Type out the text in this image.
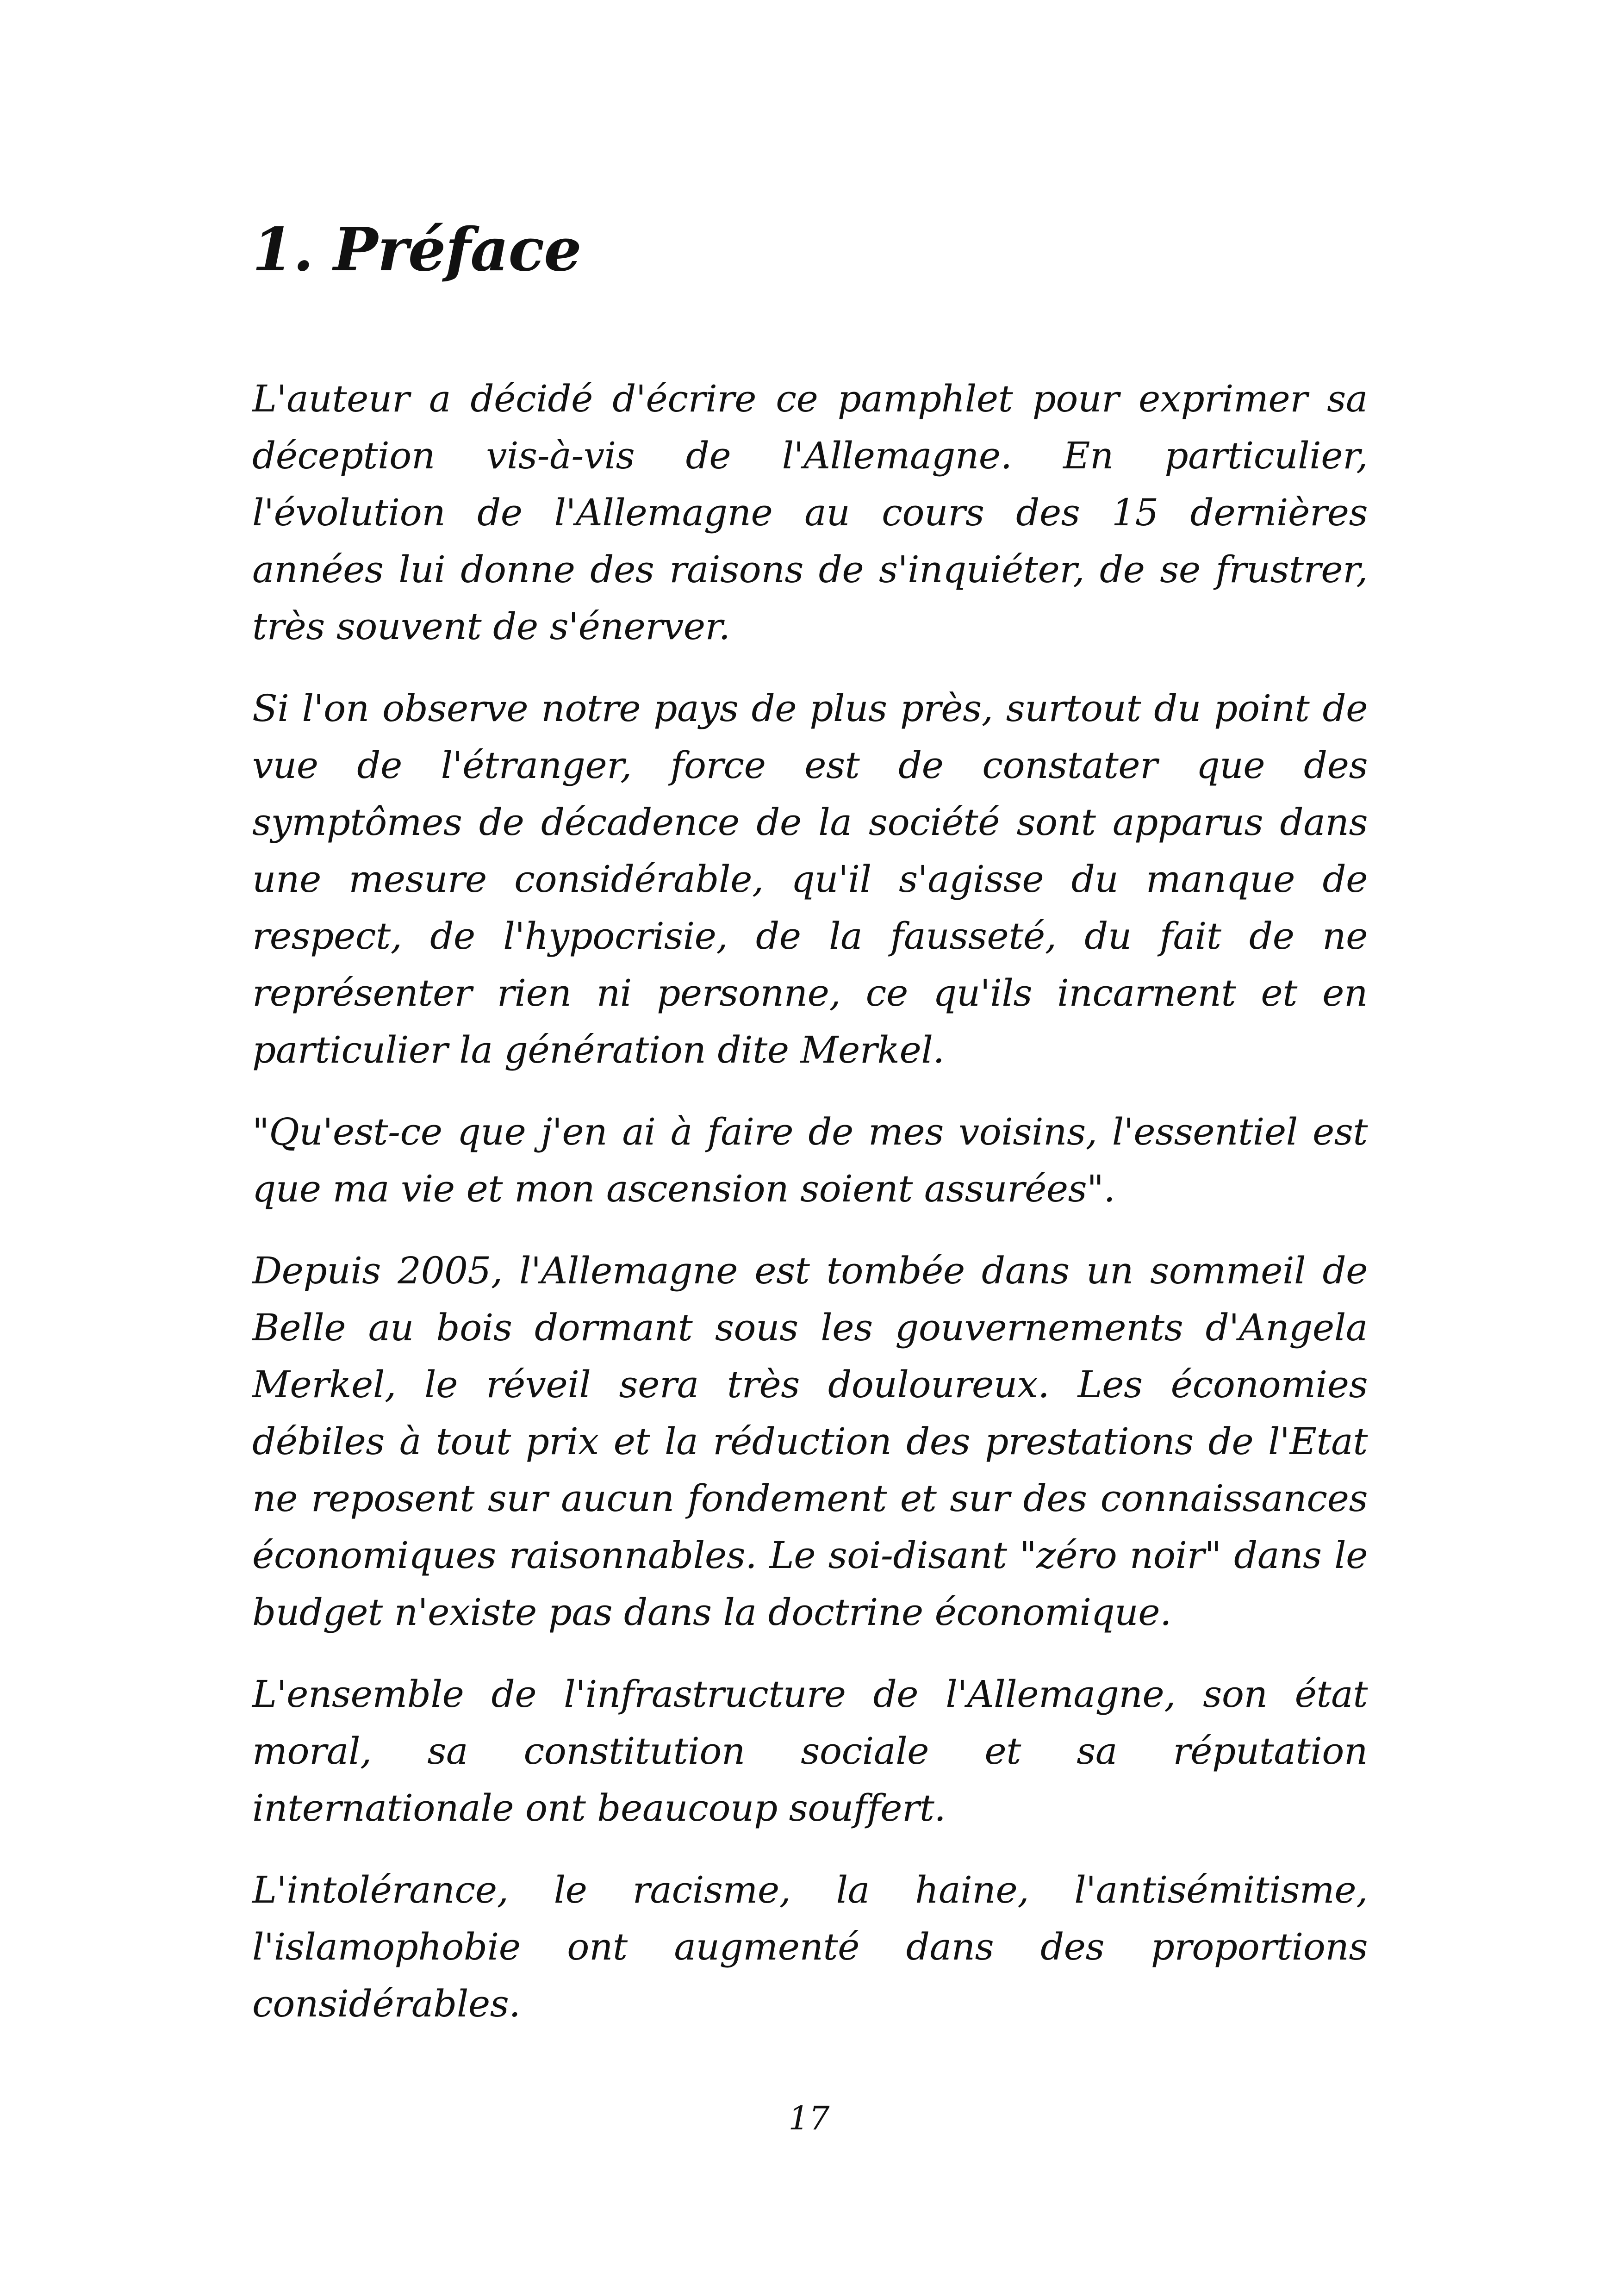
1. Préface

L'auteur a décidé d'écrire ce pamphlet pour exprimer sa déception vis-à-vis de l'Allemagne. En particulier, l'évolution de l'Allemagne au cours des 15 dernières années lui donne des raisons de s'inquiéter, de se frustrer, très souvent de s'énerver.

Si l'on observe notre pays de plus près, surtout du point de vue de l'étranger, force est de constater que des symptômes de décadence de la société sont apparus dans une mesure considérable, qu'il s'agisse du manque de respect, de l'hypocrisie, de la fausseté, du fait de ne représenter rien ni personne, ce qu'ils incarnent et en particulier la génération dite Merkel.

"Qu'est-ce que j'en ai à faire de mes voisins, l'essentiel est que ma vie et mon ascension soient assurées".

Depuis 2005, l'Allemagne est tombée dans un sommeil de Belle au bois dormant sous les gouvernements d'Angela Merkel, le réveil sera très douloureux. Les économies débiles à tout prix et la réduction des prestations de l'Etat ne reposent sur aucun fondement et sur des connaissances économiques raisonnables. Le soi-disant "zéro noir" dans le budget n'existe pas dans la doctrine économique.

L'ensemble de l'infrastructure de l'Allemagne, son état moral, sa constitution sociale et sa réputation internationale ont beaucoup souffert.

L'intolérance, le racisme, la haine, l'antisémitisme, l'islamophobie ont augmenté dans des proportions considérables.

17
